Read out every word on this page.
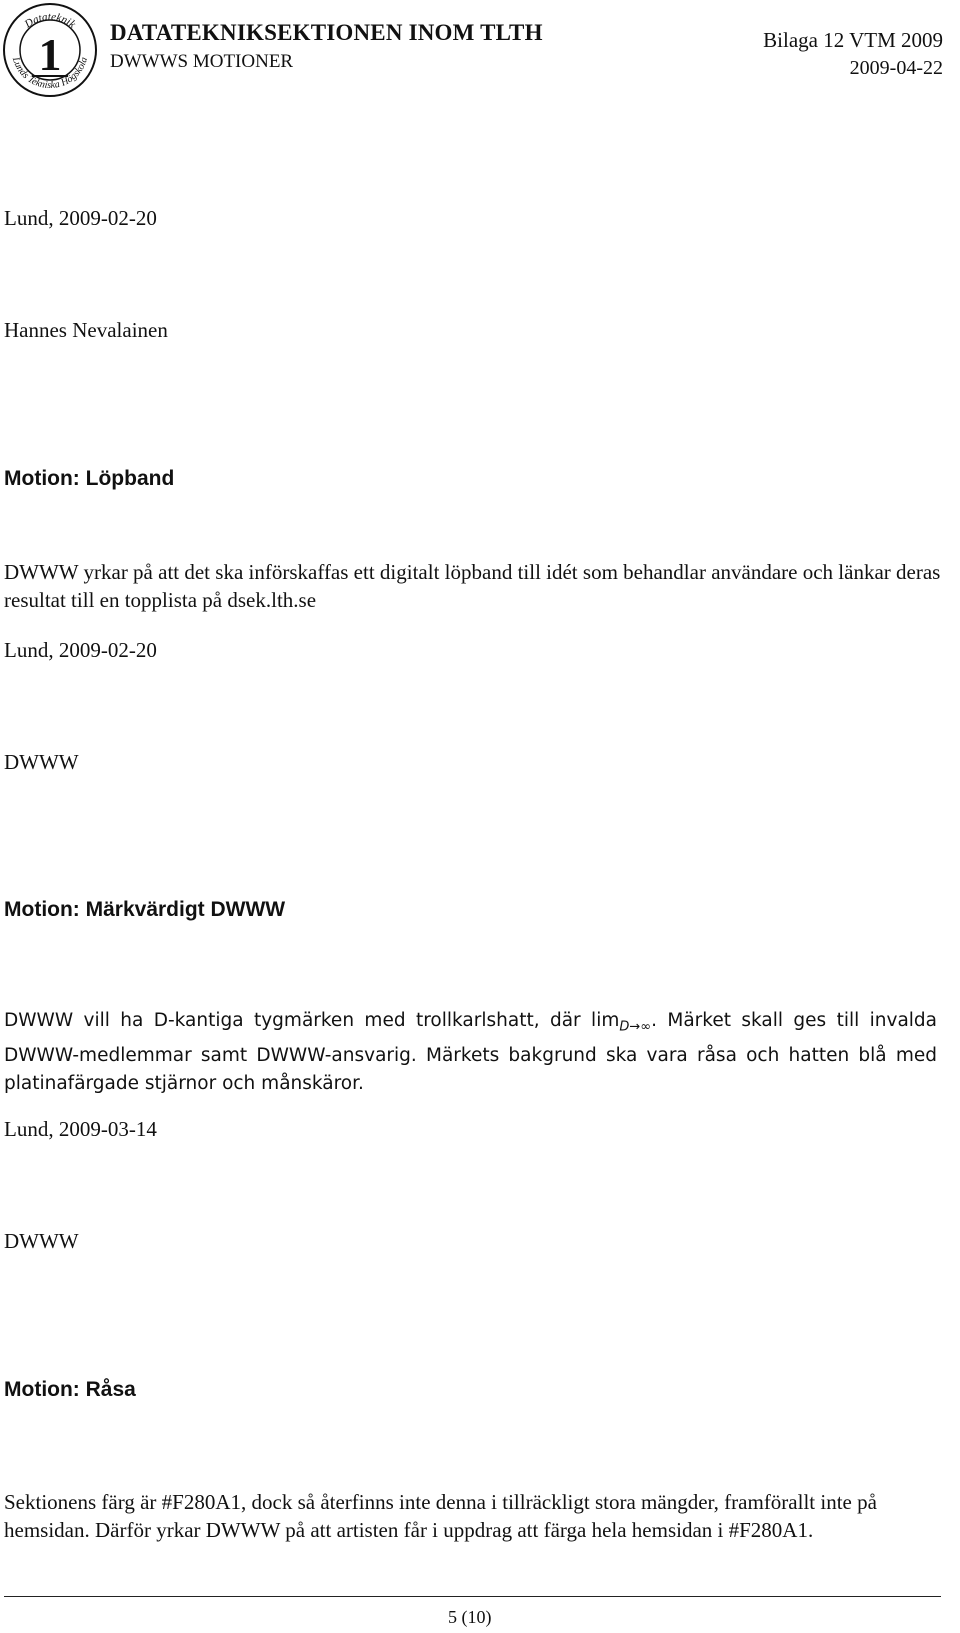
Datateknik
Lunds Tekniska Högskola
1 DATATEKNIKSEKTIONEN INOM TLTH
DWWWS MOTIONER
Bilaga 12 VTM 2009
2009-04-22
Lund, 2009-02-20
Hannes Nevalainen
Motion: Löpband
DWWW yrkar på att det ska införskaffas ett digitalt löpband till idét som behandlar användare och länkar deras resultat till en topplista på dsek.lth.se
Lund, 2009-02-20
DWWW
Motion: Märkvärdigt DWWW
DWWW vill ha D-kantiga tygmärken med trollkarlshatt, där $\lim_{D\to\infty}$. Märket skall ges till invalda DWWW-medlemmar samt DWWW-ansvarig. Märkets bakgrund ska vara råsa och hatten blå med platinafärgade stjärnor och månskäror.
Lund, 2009-03-14
DWWW
Motion: Råsa
Sektionens färg är #F280A1, dock så återfinns inte denna i tillräckligt stora mängder, framförallt inte på hemsidan. Därför yrkar DWWW på att artisten får i uppdrag att färga hela hemsidan i #F280A1.
5 (10)
